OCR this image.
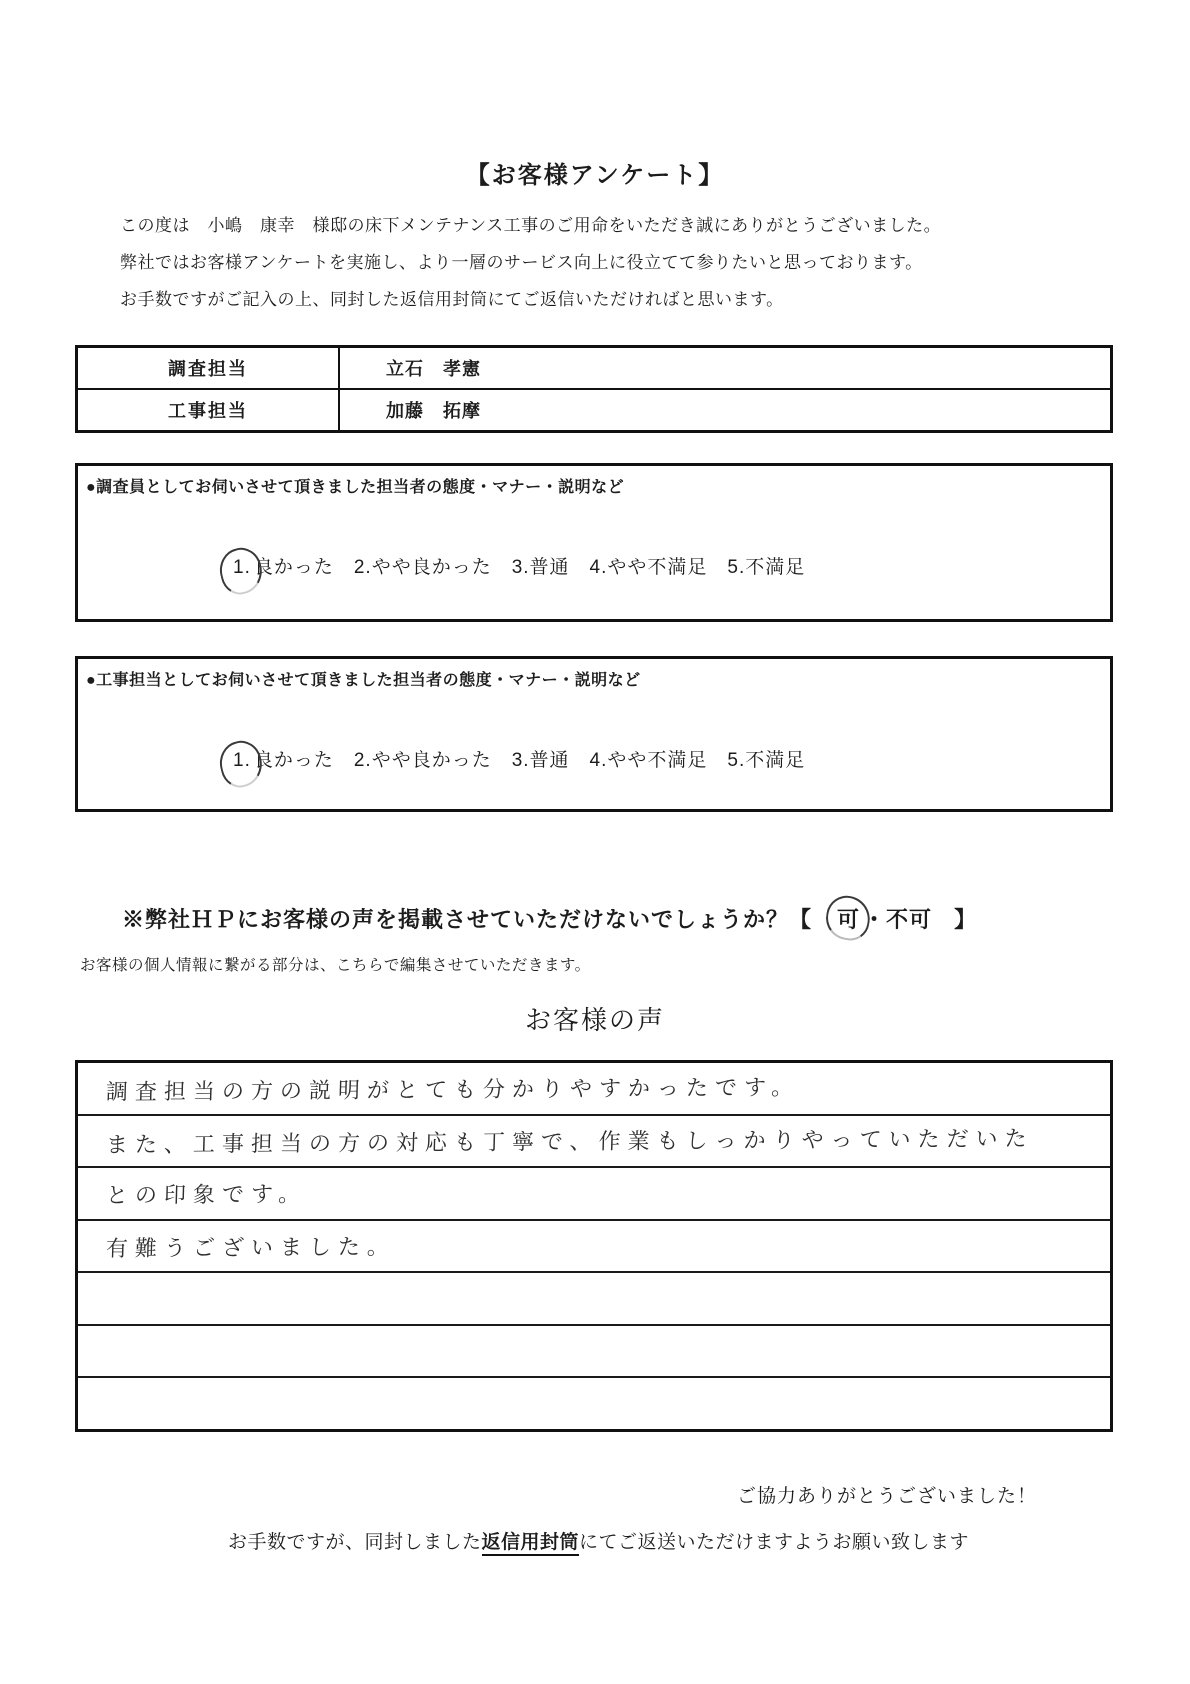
【お客様アンケート】
この度は　小嶋　康幸　様邸の床下メンテナンス工事のご用命をいただき誠にありがとうございました。
弊社ではお客様アンケートを実施し、より一層のサービス向上に役立てて参りたいと思っております。
お手数ですがご記入の上、同封した返信用封筒にてご返信いただければと思います。
調査担当	立石　孝憲
工事担当	加藤　拓摩
●調査員としてお伺いさせて頂きました担当者の態度・マナー・説明など
1. 良かった　2.やや良かった　3.普通　4.やや不満足　5.不満足
●工事担当としてお伺いさせて頂きました担当者の態度・マナー・説明など
1. 良かった　2.やや良かった　3.普通　4.やや不満足　5.不満足
※弊社ＨＰにお客様の声を掲載させていただけないでしょうか？【 可 ・不可 】
お客様の個人情報に繋がる部分は、こちらで編集させていただきます。
お客様の声
調査担当の方の説明がとても分かりやすかったです。
また、工事担当の方の対応も丁寧で、作業もしっかりやっていただいた
との印象です。
有難うございました。
ご協力ありがとうございました！
お手数ですが、同封しました返信用封筒にてご返送いただけますようお願い致します
